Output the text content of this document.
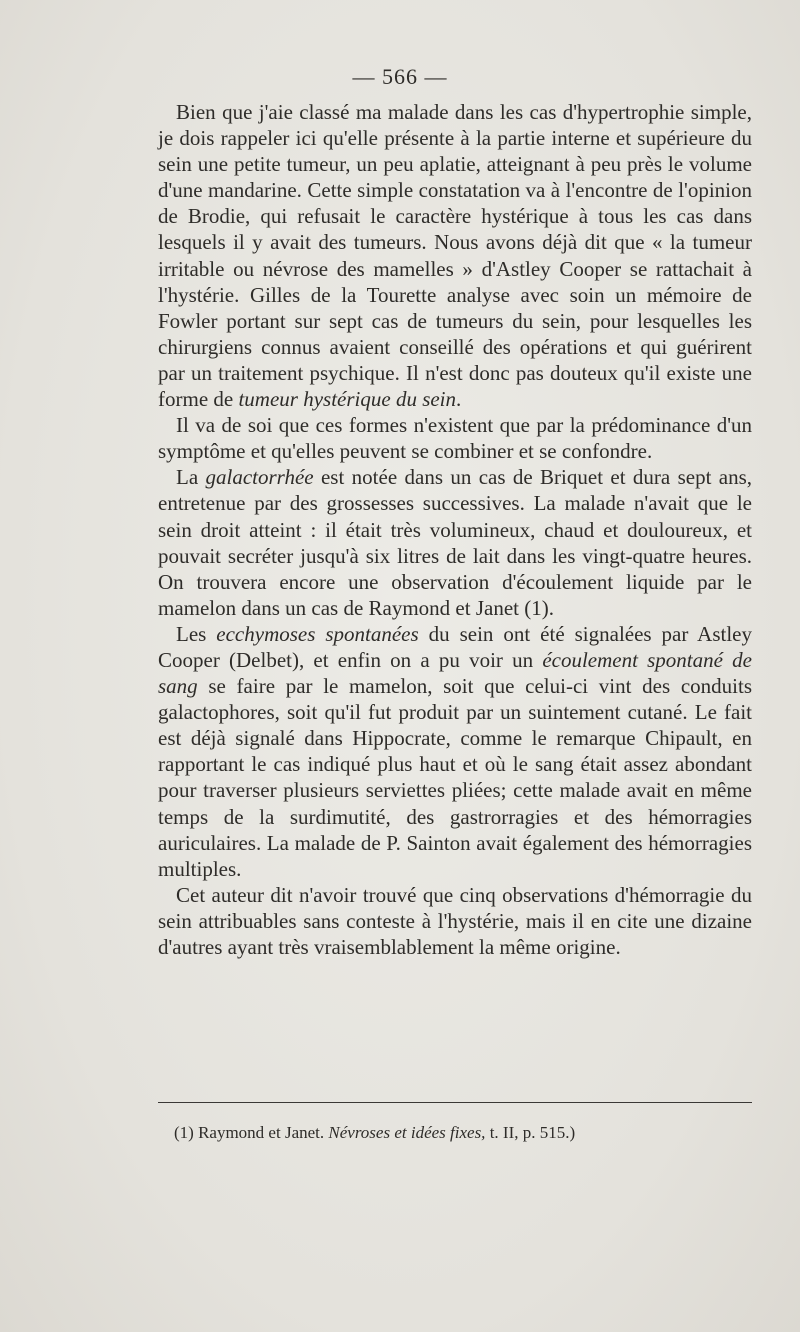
— 566 —

Bien que j'aie classé ma malade dans les cas d'hypertrophie simple, je dois rappeler ici qu'elle présente à la partie interne et supérieure du sein une petite tumeur, un peu aplatie, atteignant à peu près le volume d'une mandarine. Cette simple constatation va à l'encontre de l'opinion de Brodie, qui refusait le caractère hystérique à tous les cas dans lesquels il y avait des tumeurs. Nous avons déjà dit que « la tumeur irritable ou névrose des mamelles » d'Astley Cooper se rattachait à l'hystérie. Gilles de la Tourette analyse avec soin un mémoire de Fowler portant sur sept cas de tumeurs du sein, pour lesquelles les chirurgiens connus avaient conseillé des opérations et qui guérirent par un traitement psychique. Il n'est donc pas douteux qu'il existe une forme de tumeur hystérique du sein.

Il va de soi que ces formes n'existent que par la prédominance d'un symptôme et qu'elles peuvent se combiner et se confondre.

La galactorrhée est notée dans un cas de Briquet et dura sept ans, entretenue par des grossesses successives. La malade n'avait que le sein droit atteint : il était très volumineux, chaud et douloureux, et pouvait secréter jusqu'à six litres de lait dans les vingt-quatre heures. On trouvera encore une observation d'écoulement liquide par le mamelon dans un cas de Raymond et Janet (1).

Les ecchymoses spontanées du sein ont été signalées par Astley Cooper (Delbet), et enfin on a pu voir un écoulement spontané de sang se faire par le mamelon, soit que celui-ci vint des conduits galactophores, soit qu'il fut produit par un suintement cutané. Le fait est déjà signalé dans Hippocrate, comme le remarque Chipault, en rapportant le cas indiqué plus haut et où le sang était assez abondant pour traverser plusieurs serviettes pliées; cette malade avait en même temps de la surdimutité, des gastrorragies et des hémorragies auriculaires. La malade de P. Sainton avait également des hémorragies multiples.

Cet auteur dit n'avoir trouvé que cinq observations d'hémorragie du sein attribuables sans conteste à l'hystérie, mais il en cite une dizaine d'autres ayant très vraisemblablement la même origine.

(1) Raymond et Janet. Névroses et idées fixes, t. II, p. 515.)
